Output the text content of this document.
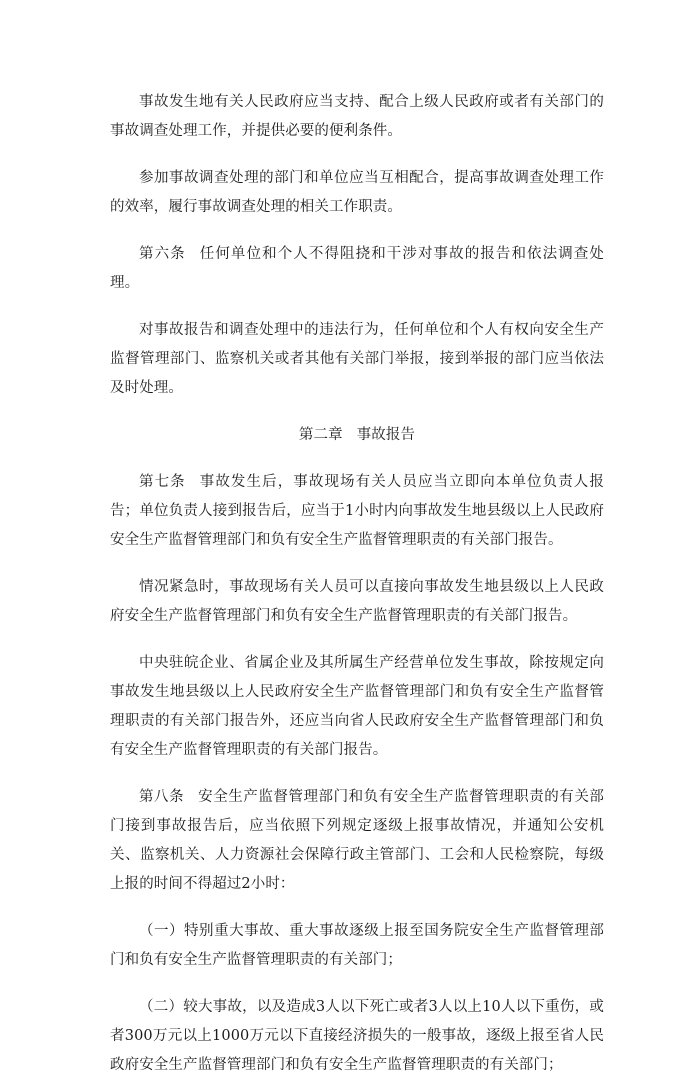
事故发生地有关人民政府应当支持、配合上级人民政府或者有关部门的事故调查处理工作，并提供必要的便利条件。

参加事故调查处理的部门和单位应当互相配合，提高事故调查处理工作的效率，履行事故调查处理的相关工作职责。

第六条 任何单位和个人不得阻挠和干涉对事故的报告和依法调查处理。

对事故报告和调查处理中的违法行为，任何单位和个人有权向安全生产监督管理部门、监察机关或者其他有关部门举报，接到举报的部门应当依法及时处理。

第二章 事故报告

第七条 事故发生后，事故现场有关人员应当立即向本单位负责人报告；单位负责人接到报告后，应当于1小时内向事故发生地县级以上人民政府安全生产监督管理部门和负有安全生产监督管理职责的有关部门报告。

情况紧急时，事故现场有关人员可以直接向事故发生地县级以上人民政府安全生产监督管理部门和负有安全生产监督管理职责的有关部门报告。

中央驻皖企业、省属企业及其所属生产经营单位发生事故，除按规定向事故发生地县级以上人民政府安全生产监督管理部门和负有安全生产监督管理职责的有关部门报告外，还应当向省人民政府安全生产监督管理部门和负有安全生产监督管理职责的有关部门报告。

第八条 安全生产监督管理部门和负有安全生产监督管理职责的有关部门接到事故报告后，应当依照下列规定逐级上报事故情况，并通知公安机关、监察机关、人力资源社会保障行政主管部门、工会和人民检察院，每级上报的时间不得超过2小时：

（一）特别重大事故、重大事故逐级上报至国务院安全生产监督管理部门和负有安全生产监督管理职责的有关部门；

（二）较大事故，以及造成3人以下死亡或者3人以上10人以下重伤，或者300万元以上1000万元以下直接经济损失的一般事故，逐级上报至省人民政府安全生产监督管理部门和负有安全生产监督管理职责的有关部门；
